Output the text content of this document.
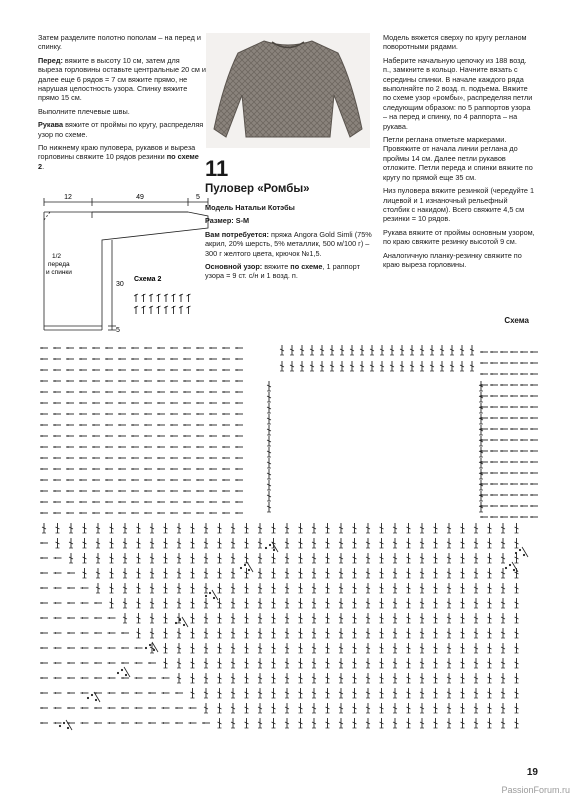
Затем разделите полотно пополам – на перед и спинку.

Перед: вяжите в высоту 10 см, затем для выреза горловины оставьте центральные 20 см и далее еще 6 рядов = 7 см вяжите прямо, не нарушая целостность узора. Спинку вяжите прямо 15 см.

Выполните плечевые швы.

Рукава вяжите от проймы по кругу, распределяя узор по схеме.

По нижнему краю пуловера, рукавов и выреза горловины свяжите 10 рядов резинки по схеме 2.

12	49	5
30
5
1/2
переда
и спинки
Схема 2
11
Пуловер «Ромбы»

Модель Натальи Котэбы

Размер: S-M

Вам потребуется: пряжа Angora Gold Simli (75% акрил, 20% шерсть, 5% металлик, 500 м/100 г) – 300 г желтого цвета, крючок №1,5.

Основной узор: вяжите по схеме, 1 раппорт узора = 9 ст. с/н и 1 возд. п.

Модель вяжется сверху по кругу регланом поворотными рядами.

Наберите начальную цепочку из 188 возд. п., замкните в кольцо. Начните вязать с середины спинки. В начале каждого ряда выполняйте по 2 возд. п. подъема. Вяжите по схеме узор «ромбы», распределяя петли следующим образом: по 5 раппортов узора – на перед и спинку, по 4 раппорта – на рукава.

Петли реглана отметьте маркерами. Провяжите от начала линии реглана до проймы 14 см. Далее петли рукавов отложите. Петли переда и спинки вяжите по кругу по прямой еще 35 см.

Низ пуловера вяжите резинкой (чередуйте 1 лицевой и 1 изнаночный рельефный столбик с накидом). Всего свяжите 4,5 см резинки = 10 рядов.

Рукава вяжите от проймы основным узором, по краю свяжите резинку высотой 9 см.

Аналогичную планку-резинку свяжите по краю выреза горловины.

Схема
19
PassionForum.ru
